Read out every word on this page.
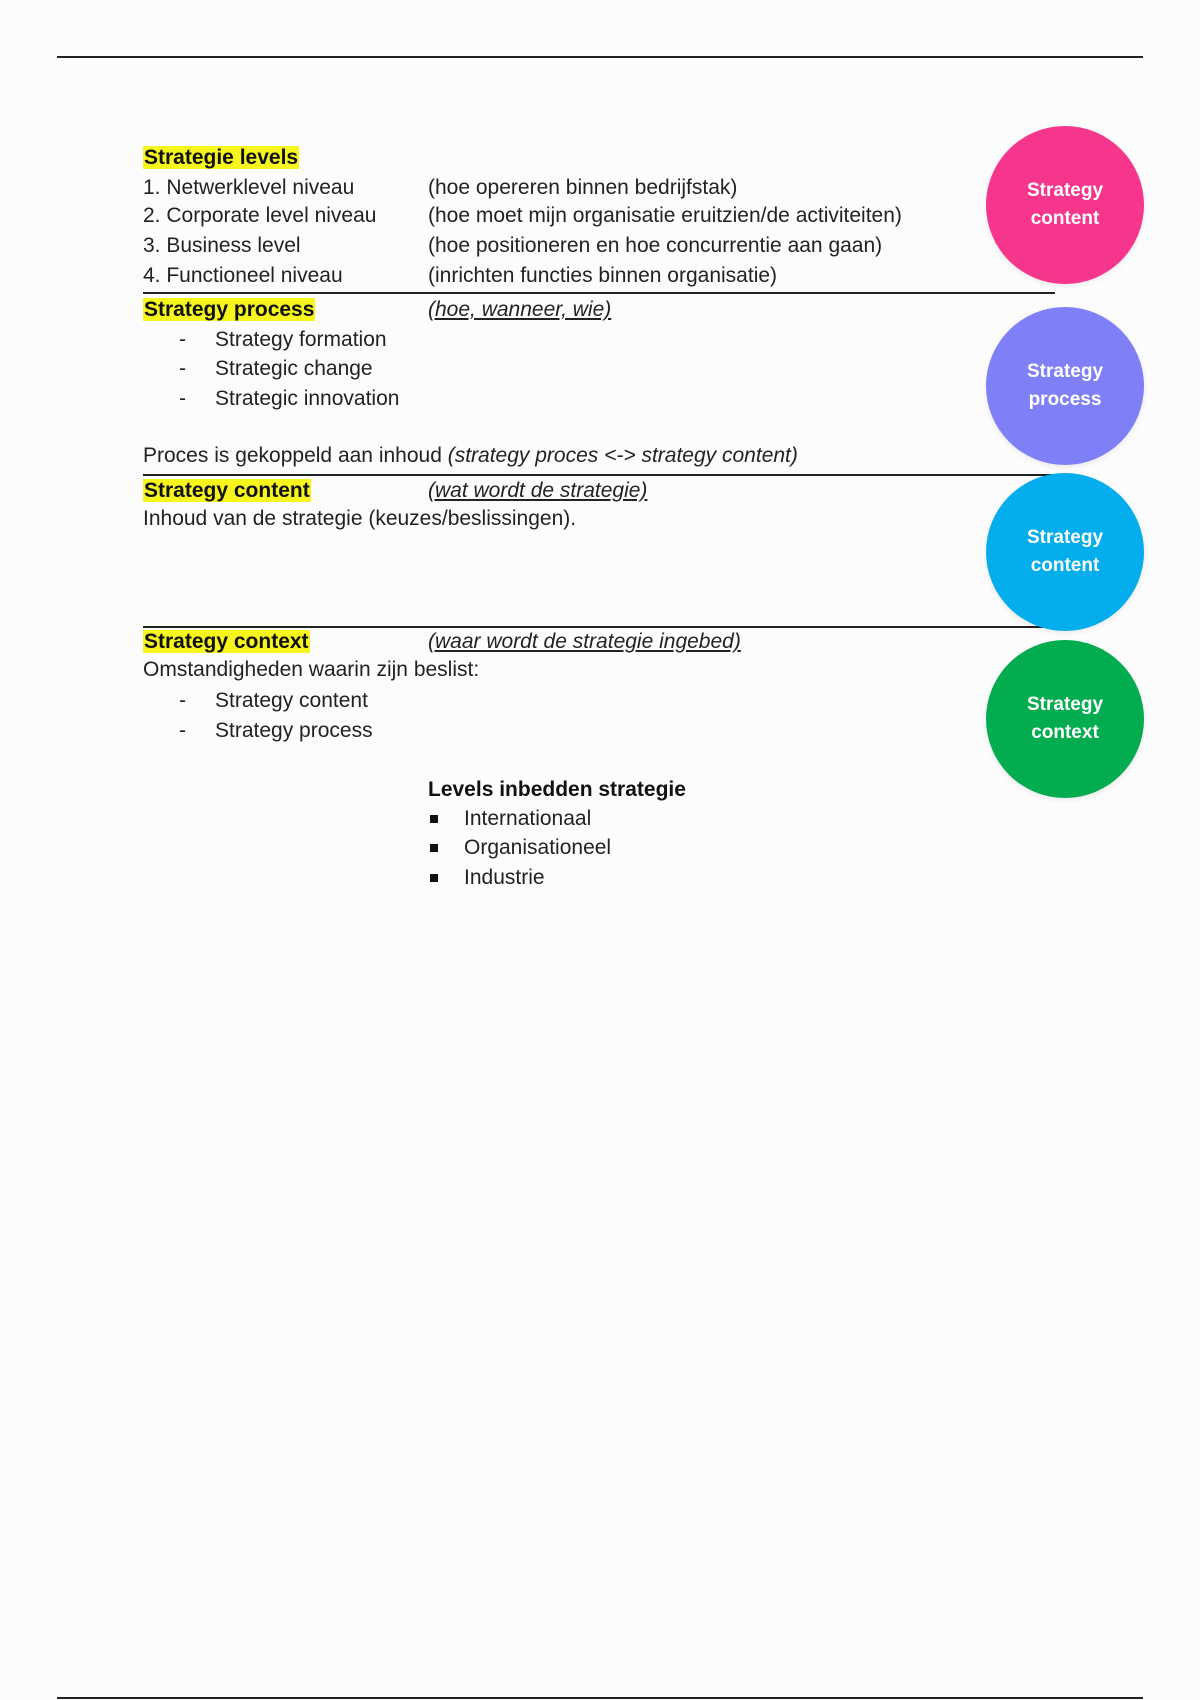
Strategie levels
1. Netwerklevel niveau	(hoe opereren binnen bedrijfstak)
2. Corporate level niveau (hoe moet mijn organisatie eruitzien/de activiteiten)
3. Business level	(hoe positioneren en hoe concurrentie aan gaan)
4. Functioneel niveau	(inrichten functies binnen organisatie)
Strategy process	(hoe, wanneer, wie)
- Strategy formation
- Strategic change
- Strategic innovation
Proces is gekoppeld aan inhoud (strategy proces <-> strategy content)
Strategy content	(wat wordt de strategie)
Inhoud van de strategie (keuzes/beslissingen).
Strategy context	(waar wordt de strategie ingebed)
Omstandigheden waarin zijn beslist:
- Strategy content
- Strategy process
Levels inbedden strategie
Internationaal
Organisationeel
Industrie
Strategy
content
Strategy
process
Strategy
content
Strategy
context
